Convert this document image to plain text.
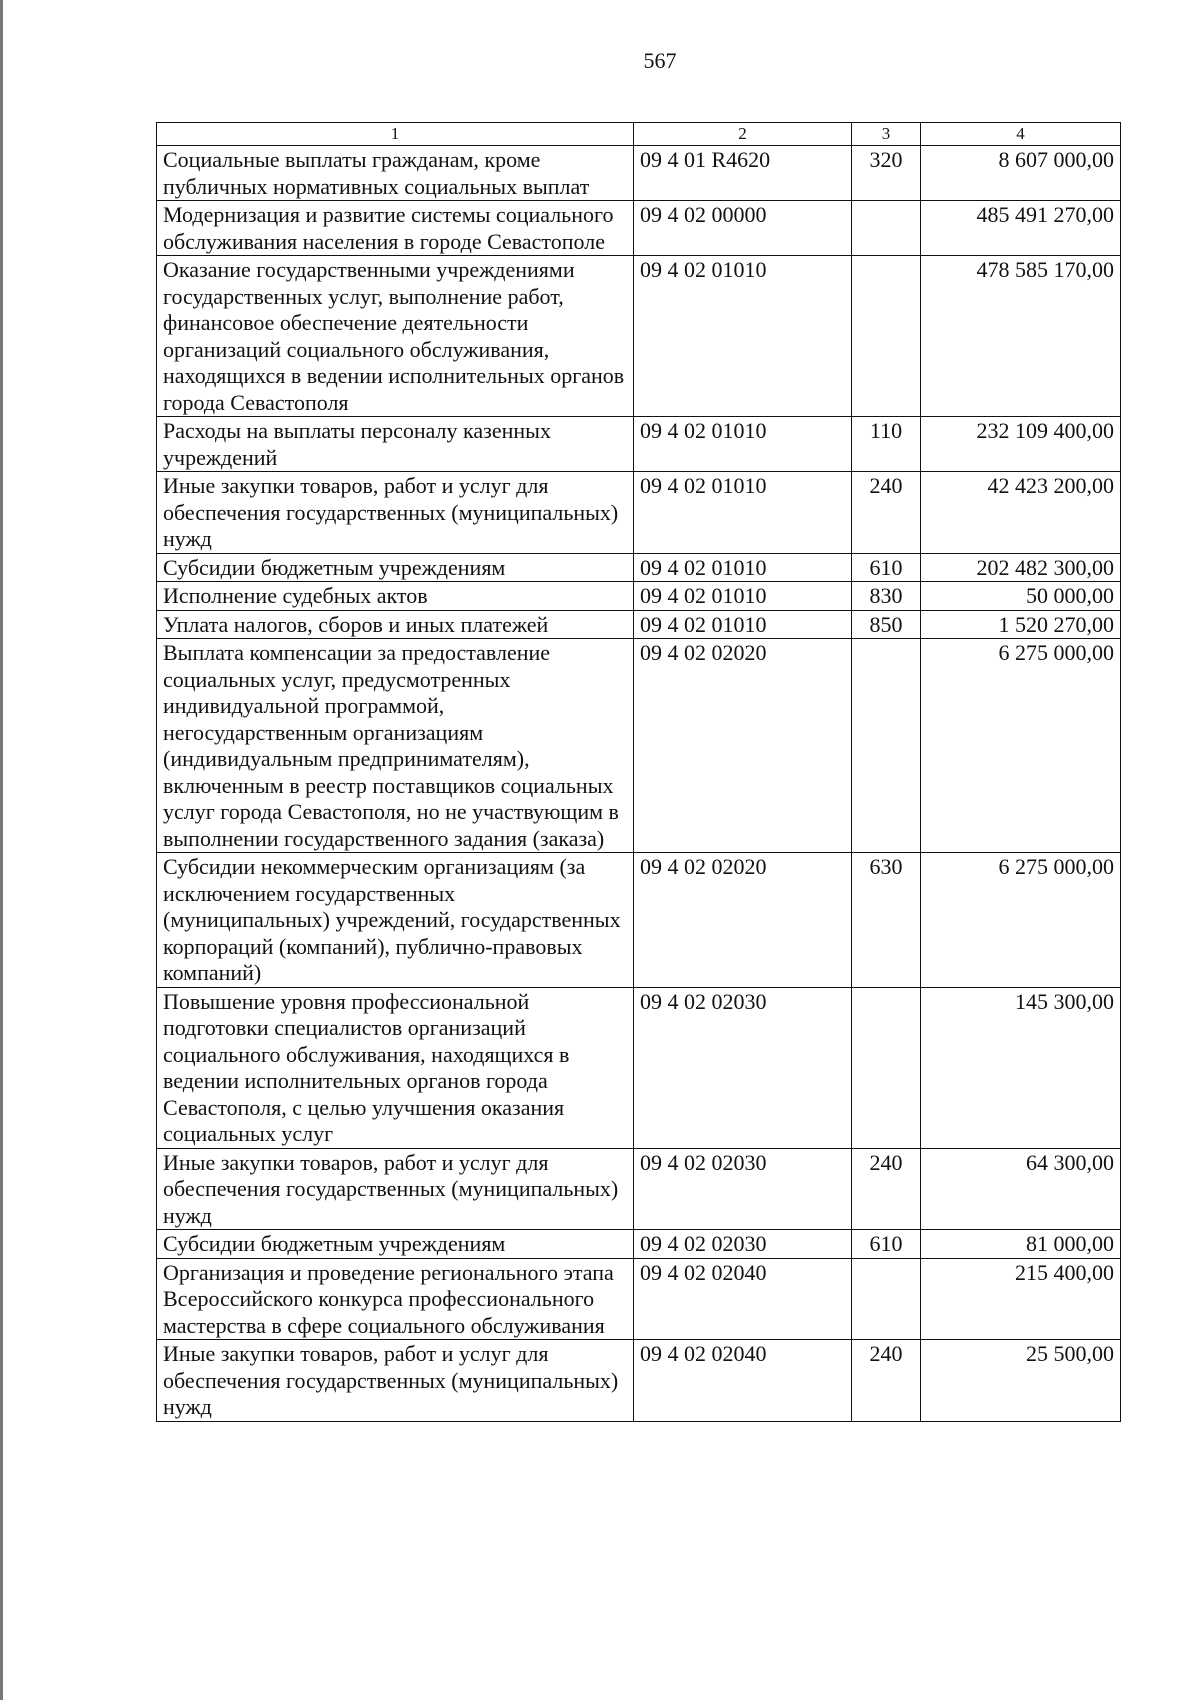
567
1	2	3	4
Социальные выплаты гражданам, кроме публичных нормативных социальных выплат	09 4 01 R4620	320	8 607 000,00
Модернизация и развитие системы социального обслуживания населения в городе Севастополе	09 4 02 00000		485 491 270,00
Оказание государственными учреждениями государственных услуг, выполнение работ, финансовое обеспечение деятельности организаций социального обслуживания, находящихся в ведении исполнительных органов города Севастополя	09 4 02 01010		478 585 170,00
Расходы на выплаты персоналу казенных учреждений	09 4 02 01010	110	232 109 400,00
Иные закупки товаров, работ и услуг для обеспечения государственных (муниципальных) нужд	09 4 02 01010	240	42 423 200,00
Субсидии бюджетным учреждениям	09 4 02 01010	610	202 482 300,00
Исполнение судебных актов	09 4 02 01010	830	50 000,00
Уплата налогов, сборов и иных платежей	09 4 02 01010	850	1 520 270,00
Выплата компенсации за предоставление социальных услуг, предусмотренных индивидуальной программой, негосударственным организациям (индивидуальным предпринимателям), включенным в реестр поставщиков социальных услуг города Севастополя, но не участвующим в выполнении государственного задания (заказа)	09 4 02 02020		6 275 000,00
Субсидии некоммерческим организациям (за исключением государственных (муниципальных) учреждений, государственных корпораций (компаний), публично-правовых компаний)	09 4 02 02020	630	6 275 000,00
Повышение уровня профессиональной подготовки специалистов организаций социального обслуживания, находящихся в ведении исполнительных органов города Севастополя, с целью улучшения оказания социальных услуг	09 4 02 02030		145 300,00
Иные закупки товаров, работ и услуг для обеспечения государственных (муниципальных) нужд	09 4 02 02030	240	64 300,00
Субсидии бюджетным учреждениям	09 4 02 02030	610	81 000,00
Организация и проведение регионального этапа Всероссийского конкурса профессионального мастерства в сфере социального обслуживания	09 4 02 02040		215 400,00
Иные закупки товаров, работ и услуг для обеспечения государственных (муниципальных) нужд	09 4 02 02040	240	25 500,00
